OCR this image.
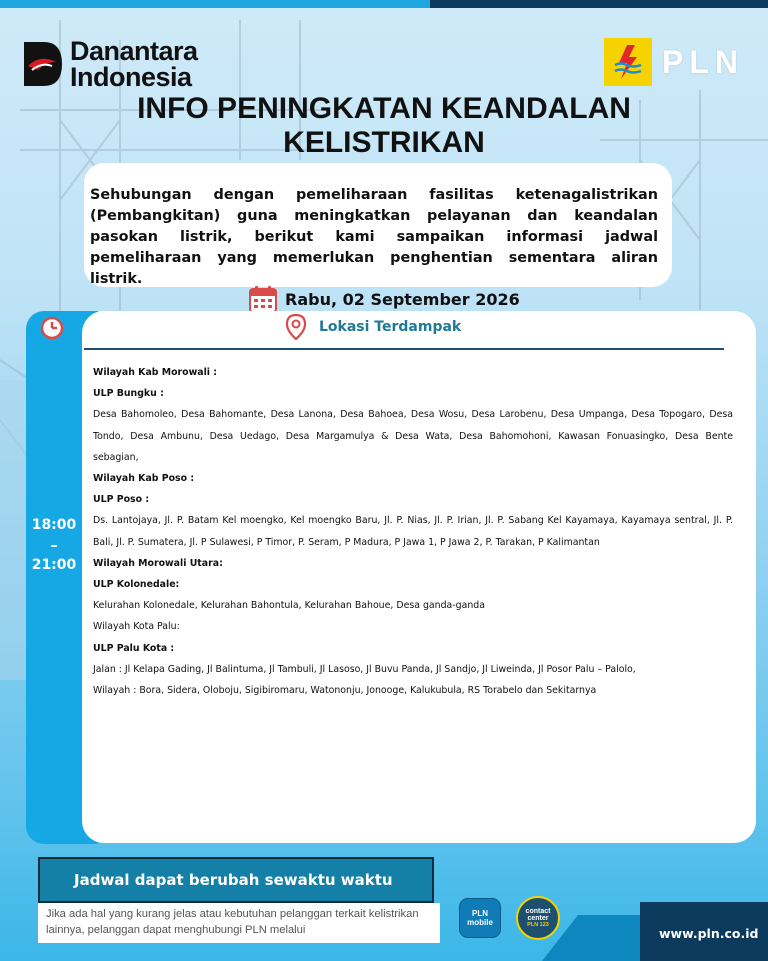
Danantara
Indonesia	PLN
INFO PENINGKATAN KEANDALAN
KELISTRIKAN

Sehubungan dengan pemeliharaan fasilitas ketenagalistrikan (Pembangkitan) guna meningkatkan pelayanan dan keandalan pasokan listrik, berikut kami sampaikan informasi jadwal pemeliharaan yang memerlukan penghentian sementara aliran listrik.

Rabu, 02 September 2026
18:00
–
21:00
Lokasi Terdampak
Wilayah Kab Morowali :
ULP Bungku :
Desa Bahomoleo, Desa Bahomante, Desa Lanona, Desa Bahoea, Desa Wosu, Desa Larobenu, Desa Umpanga, Desa Topogaro, Desa
Tondo, Desa Ambunu, Desa Uedago, Desa Margamulya & Desa Wata, Desa Bahomohoni, Kawasan Fonuasingko, Desa Bente
sebagian,
Wilayah Kab Poso :
ULP Poso :
Ds. Lantojaya, Jl. P. Batam Kel moengko, Kel moengko Baru, Jl. P. Nias, Jl. P. Irian, Jl. P. Sabang Kel Kayamaya, Kayamaya sentral, Jl. P.
Bali, Jl. P. Sumatera, Jl. P Sulawesi, P Timor, P. Seram, P Madura, P Jawa 1, P Jawa 2, P. Tarakan, P Kalimantan
Wilayah Morowali Utara:
ULP Kolonedale:
Kelurahan Kolonedale, Kelurahan Bahontula, Kelurahan Bahoue, Desa ganda-ganda
Wilayah Kota Palu:
ULP Palu Kota :
Jalan : Jl Kelapa Gading, Jl Balintuma, Jl Tambuli, Jl Lasoso, Jl Buvu Panda, Jl Sandjo, Jl Liweinda, Jl Posor Palu – Palolo,
Wilayah : Bora, Sidera, Oloboju, Sigibiromaru, Watononju, Jonooge, Kalukubula, RS Torabelo dan Sekitarnya
Jadwal dapat berubah sewaktu waktu
Jika ada hal yang kurang jelas atau kebutuhan pelanggan terkait kelistrikan
lainnya, pelanggan dapat menghubungi PLN melalui
PLN
mobile
contact
center
PLN 123
www.pln.co.id
